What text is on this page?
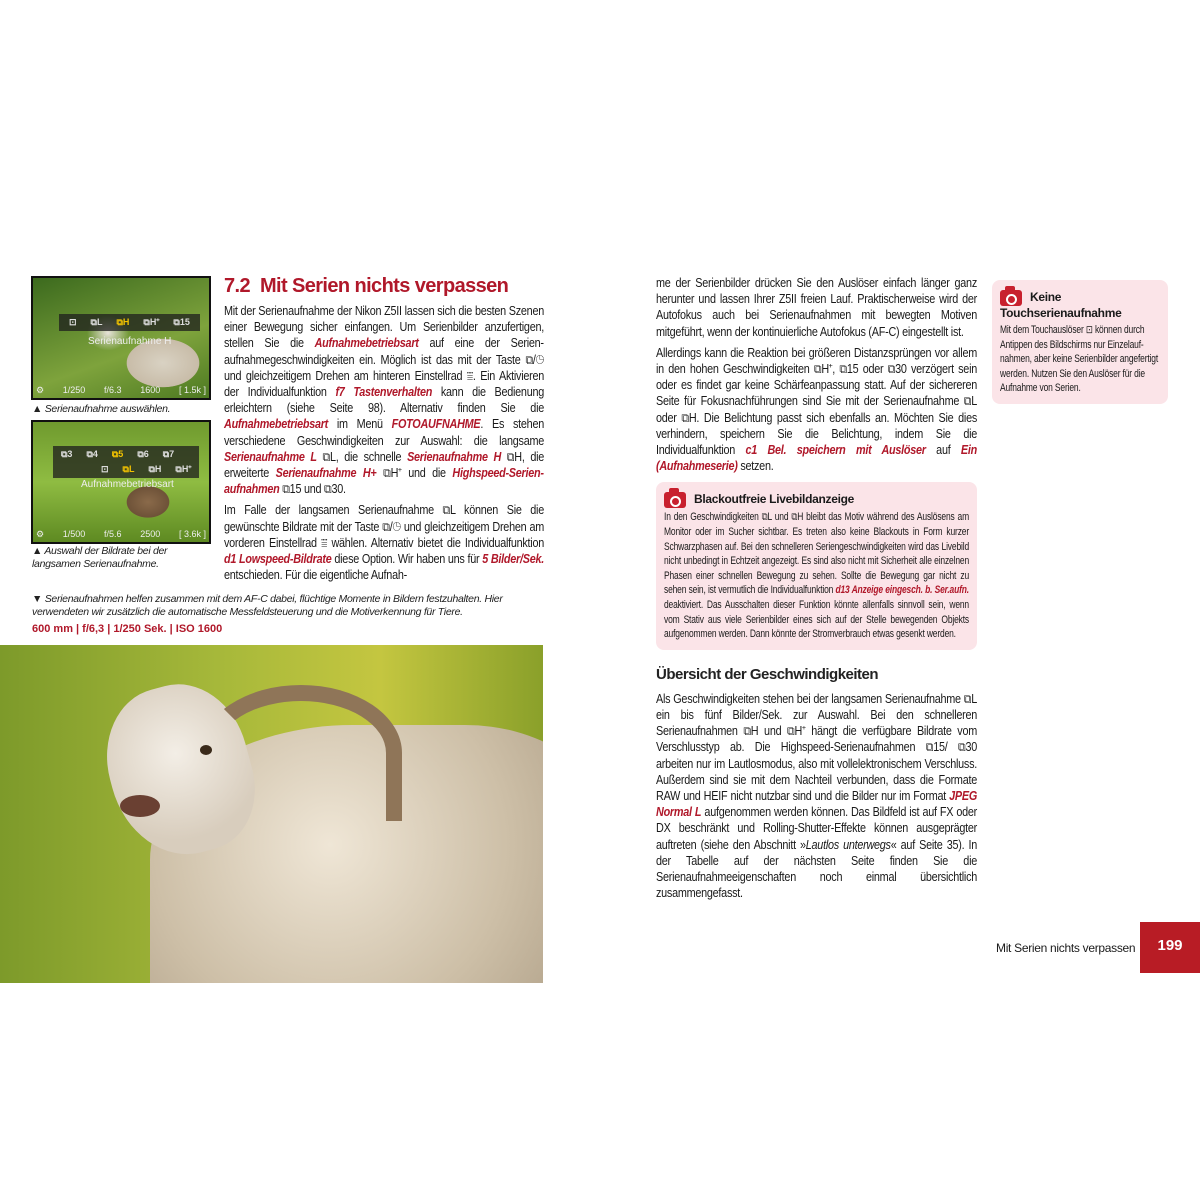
⊡ ⧉L ⧉H ⧉H⁺ ⧉15
Serienaufnahme H
⚙ 1/250 f/6.3 1600 [ 1.5k ]
▲ Serienaufnahme auswählen.
⧉3 ⧉4 ⧉5 ⧉6 ⧉7
⊡ ⧉L ⧉H ⧉H⁺
Aufnahmebetriebsart
⚙ 1/500 f/5.6 2500 [ 3.6k ]
▲ Auswahl der Bildrate bei der langsamen Serienaufnahme.
7.2 Mit Serien nichts verpassen

Mit der Serienaufnahme der Nikon Z5II lassen sich die besten Szenen einer Bewegung sicher einfangen. Um Serienbilder anzufertigen, stellen Sie die Aufnahmebetriebsart auf eine der Serienaufnahmegeschwindigkeiten ein. Möglich ist das mit der Taste ⧉/◷ und gleichzeitigem Drehen am hinteren Einstellrad ⩸. Ein Aktivieren der Individualfunktion f7 Tastenverhalten kann die Bedienung erleichtern (siehe Seite 98). Alternativ finden Sie die Aufnahmebetriebsart im Menü FOTOAUFNAHME. Es stehen verschiedene Geschwindigkeiten zur Auswahl: die langsame Serienaufnahme L ⧉L, die schnelle Serienaufnahme H ⧉H, die erweiterte Serienaufnahme H+ ⧉H⁺ und die Highspeed-Serienaufnahmen ⧉15 und ⧉30.

Im Falle der langsamen Serienaufnahme ⧉L können Sie die gewünschte Bildrate mit der Taste ⧉/◷ und gleichzeitigem Drehen am vorderen Einstellrad ⩸ wählen. Alternativ bietet die Individualfunktion d1 Lowspeed-Bildrate diese Option. Wir haben uns für 5 Bilder/Sek. entschieden. Für die eigentliche Aufnah-

▼ Serienaufnahmen helfen zusammen mit dem AF-C dabei, flüchtige Momente in Bildern festzuhalten. Hier verwendeten wir zusätzlich die automatische Messfeldsteuerung und die Motiverkennung für Tiere.
600 mm | f/6,3 | 1/250 Sek. | ISO 1600

me der Serienbilder drücken Sie den Auslöser einfach länger ganz herunter und lassen Ihrer Z5II freien Lauf. Praktischerweise wird der Autofokus auch bei Serienaufnahmen mit bewegten Motiven mitgeführt, wenn der kontinuierliche Autofokus (AF-C) eingestellt ist.

Allerdings kann die Reaktion bei größeren Distanzsprüngen vor allem in den hohen Geschwindigkeiten ⧉H⁺, ⧉15 oder ⧉30 verzögert sein oder es findet gar keine Schärfeanpassung statt. Auf der sichereren Seite für Fokusnachführungen sind Sie mit der Serienaufnahme ⧉L oder ⧉H. Die Belichtung passt sich ebenfalls an. Möchten Sie dies verhindern, speichern Sie die Belichtung, indem Sie die Individualfunktion c1 Bel. speichern mit Auslöser auf Ein (Aufnahmeserie) setzen.

Blackoutfreie Livebildanzeige
In den Geschwindigkeiten ⧉L und ⧉H bleibt das Motiv während des Auslösens am Monitor oder im Sucher sichtbar. Es treten also keine Blackouts in Form kurzer Schwarzphasen auf. Bei den schnelleren Seriengeschwindigkeiten wird das Livebild nicht unbedingt in Echtzeit angezeigt. Es sind also nicht mit Sicherheit alle einzelnen Phasen einer schnellen Bewegung zu sehen. Sollte die Bewegung gar nicht zu sehen sein, ist vermutlich die Individualfunktion d13 Anzeige eingesch. b. Ser.aufn. deaktiviert. Das Ausschalten dieser Funktion könnte allenfalls sinnvoll sein, wenn vom Stativ aus viele Serienbilder eines sich auf der Stelle bewegenden Objekts aufgenommen werden. Dann könnte der Stromverbrauch etwas gesenkt werden.
Übersicht der Geschwindigkeiten

Als Geschwindigkeiten stehen bei der langsamen Serienaufnahme ⧉L ein bis fünf Bilder/Sek. zur Auswahl. Bei den schnelleren Serienaufnahmen ⧉H und ⧉H⁺ hängt die verfügbare Bildrate vom Verschlusstyp ab. Die Highspeed-Serienaufnahmen ⧉15/ ⧉30 arbeiten nur im Lautlosmodus, also mit vollelektronischem Verschluss. Außerdem sind sie mit dem Nachteil verbunden, dass die Formate RAW und HEIF nicht nutzbar sind und die Bilder nur im Format JPEG Normal L aufgenommen werden können. Das Bildfeld ist auf FX oder DX beschränkt und Rolling-Shutter-Effekte können ausgeprägter auftreten (siehe den Abschnitt »Lautlos unterwegs« auf Seite 35). In der Tabelle auf der nächsten Seite finden Sie die Serienaufnahmeeigenschaften noch einmal übersichtlich zusammengefasst.

Keine Touchserienaufnahme
Mit dem Touchauslöser ⊡ können durch Antippen des Bildschirms nur Einzelaufnahmen, aber keine Serienbilder angefertigt werden. Nutzen Sie den Auslöser für die Aufnahme von Serien.
Mit Serien nichts verpassen	199
